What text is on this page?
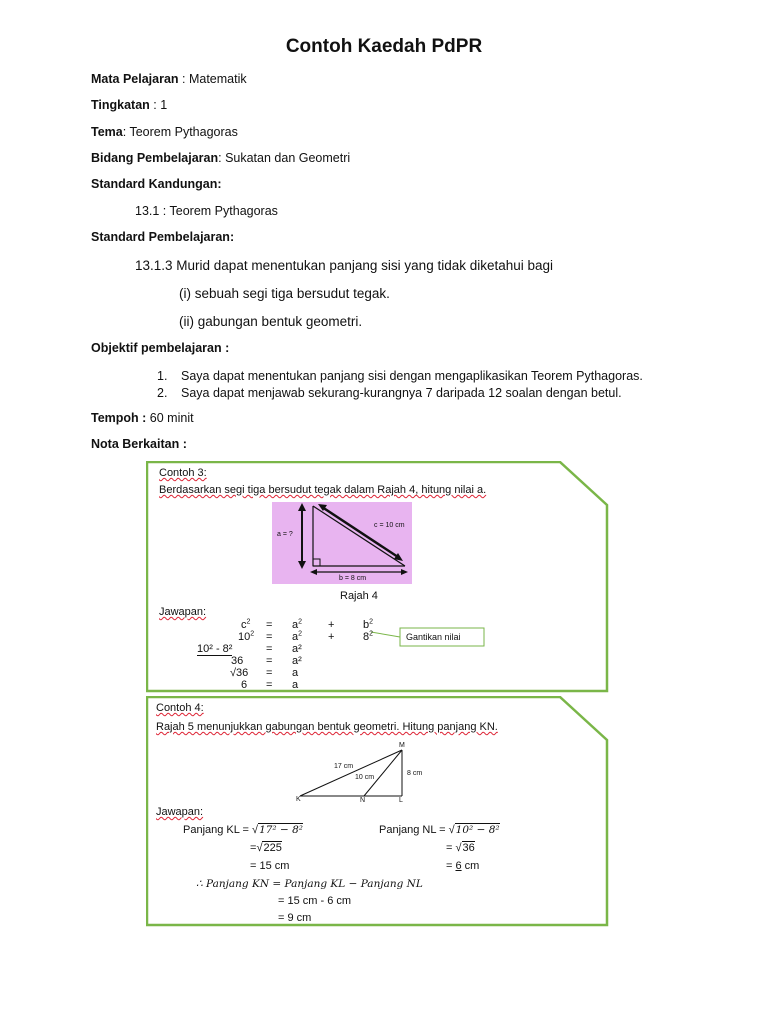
Contoh Kaedah PdPR
Mata Pelajaran : Matematik
Tingkatan : 1
Tema: Teorem Pythagoras
Bidang Pembelajaran: Sukatan dan Geometri
Standard Kandungan:
13.1 : Teorem Pythagoras
Standard Pembelajaran:
13.1.3 Murid dapat menentukan panjang sisi yang tidak diketahui bagi
(i) sebuah segi tiga bersudut tegak.
(ii) gabungan bentuk geometri.
Objektif pembelajaran :
1. Saya dapat menentukan panjang sisi dengan mengaplikasikan Teorem Pythagoras.
2. Saya dapat menjawab sekurang-kurangnya 7 daripada 12 soalan dengan betul.
Tempoh : 60 minit
Nota Berkaitan :
Contoh 3:
Berdasarkan segi tiga bersudut tegak dalam Rajah 4, hitung nilai a.
a = ?
c = 10 cm
b = 8 cm
Rajah 4
Jawapan:
Gantikan nilai
$c^2 = a^2$ +	$b^2$
$10^2 = a^2$ +	$8^2$
10² - 8²	= a²
36 = a²
√36 = a
6 = a
Contoh 4:
Rajah 5 menunjukkan gabungan bentuk geometri. Hitung panjang KN.
M
K	N	L
17 cm
10 cm
8 cm
Jawapan:
Panjang KL = √17² − 8²
=√225
= 15 cm
Panjang NL = √10² − 8²
= √36
= 6 cm
∴ Panjang KN = Panjang KL − Panjang NL
= 15 cm - 6 cm
= 9 cm
